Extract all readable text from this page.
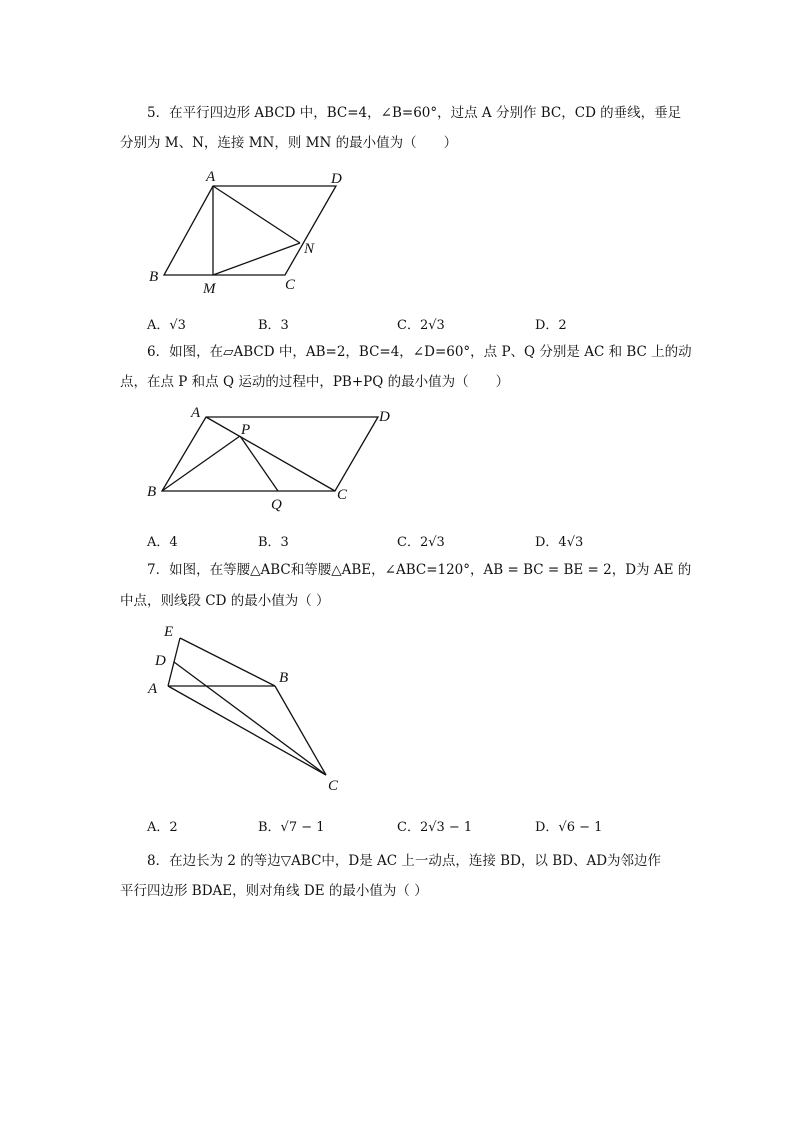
5．在平行四边形 ABCD 中，BC=4，∠B=60°，过点 A 分别作 BC，CD 的垂线，垂足
分别为 M、N，连接 MN，则 MN 的最小值为（　　）
A	D
B
M	C
N
A．√3	B．3	C．2√3	D．2
6．如图，在▱ABCD 中，AB=2，BC=4，∠D=60°，点 P、Q 分别是 AC 和 BC 上的动
点，在点 P 和点 Q 运动的过程中，PB+PQ 的最小值为（　　）
A	D
P
B
Q
C
A．4	B．3	C．2√3	D．4√3
7．如图，在等腰△ABC和等腰△ABE，∠ABC=120°，AB = BC = BE = 2，D为 AE 的
中点，则线段 CD 的最小值为（ ）
E
D
A
B
C
A．2	B．√7 − 1	C．2√3 − 1	D．√6 − 1
8．在边长为 2 的等边▽ABC中，D是 AC 上一动点，连接 BD，以 BD、AD为邻边作
平行四边形 BDAE，则对角线 DE 的最小值为（ ）
